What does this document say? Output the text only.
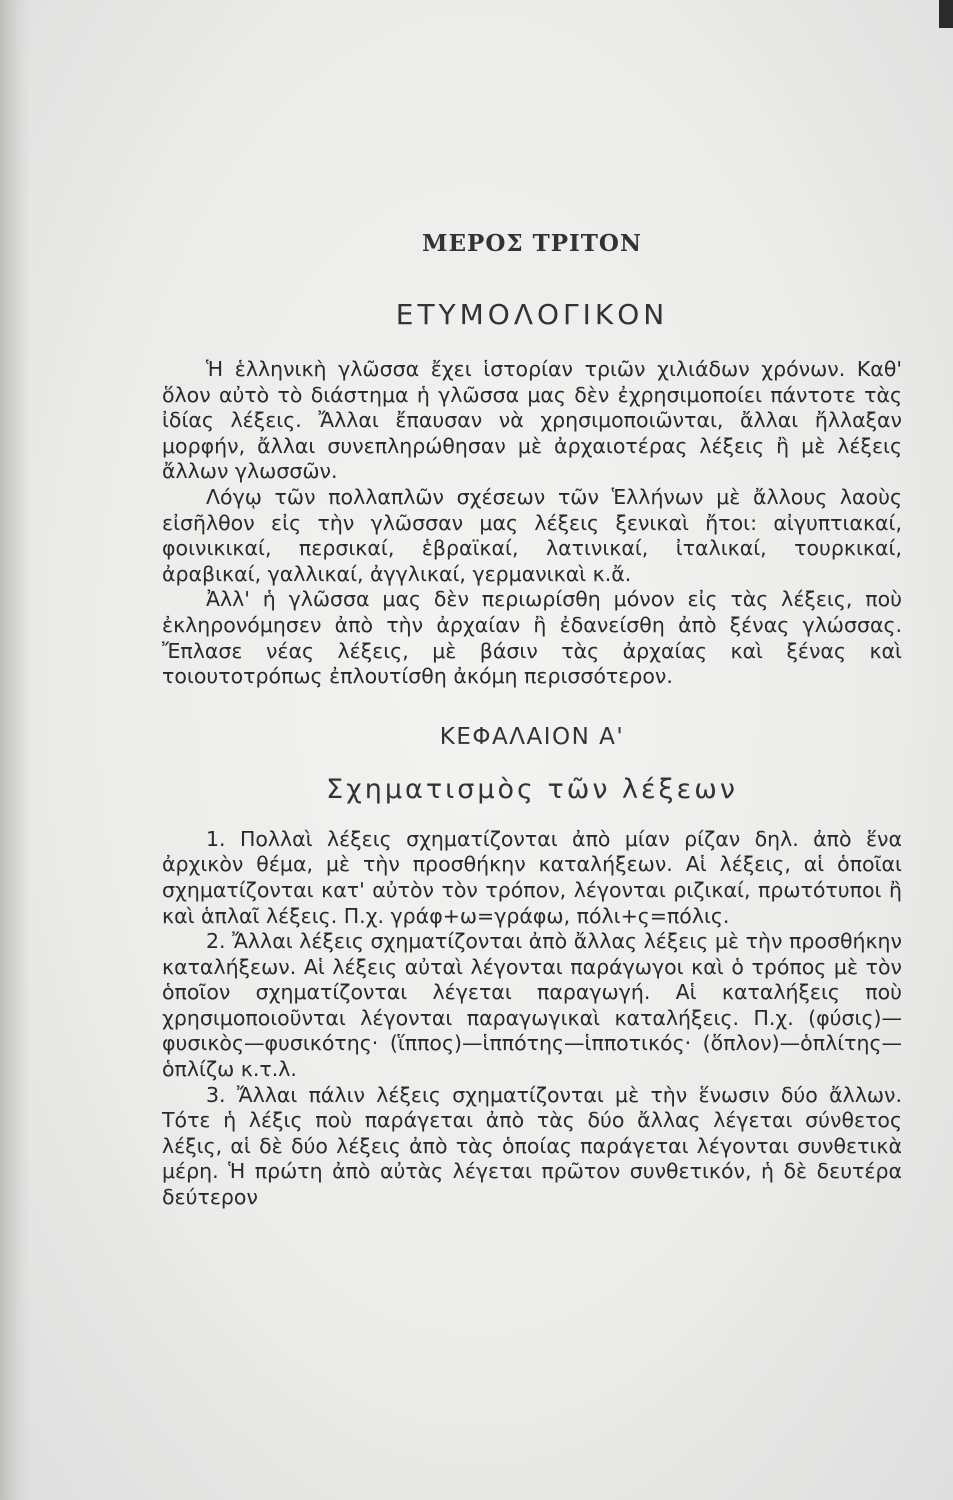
ΜΕΡΟΣ ΤΡΙΤΟΝ
ΕΤΥΜΟΛΟΓΙΚΟΝ

Ἡ ἑλληνικὴ γλῶσσα ἔχει ἱστορίαν τριῶν χιλιάδων χρόνων. Καθ' ὅλον αὐτὸ τὸ διάστημα ἡ γλῶσσα μας δὲν ἐχρησιμοποίει πάντοτε τὰς ἰδίας λέξεις. Ἄλλαι ἔπαυσαν νὰ χρησιμοποιῶνται, ἄλλαι ἤλλαξαν μορφήν, ἄλλαι συνεπληρώθησαν μὲ ἀρχαιοτέρας λέξεις ἢ μὲ λέξεις ἄλλων γλωσσῶν.

Λόγῳ τῶν πολλαπλῶν σχέσεων τῶν Ἑλλήνων μὲ ἄλλους λαοὺς εἰσῆλθον εἰς τὴν γλῶσσαν μας λέξεις ξενικαὶ ἤτοι: αἰγυπτιακαί, φοινικικαί, περσικαί, ἑβραϊκαί, λατινικαί, ἰταλικαί, τουρκικαί, ἀραβικαί, γαλλικαί, ἀγγλικαί, γερμανικαὶ κ.ἄ.

Ἀλλ' ἡ γλῶσσα μας δὲν περιωρίσθη μόνον εἰς τὰς λέξεις, ποὺ ἐκληρονόμησεν ἀπὸ τὴν ἀρχαίαν ἢ ἐδανείσθη ἀπὸ ξένας γλώσσας. Ἔπλασε νέας λέξεις, μὲ βάσιν τὰς ἀρχαίας καὶ ξένας καὶ τοιουτοτρόπως ἐπλουτίσθη ἀκόμη περισσότερον.

ΚΕΦΑΛΑΙΟΝ Α'
Σχηματισμὸς τῶν λέξεων

1. Πολλαὶ λέξεις σχηματίζονται ἀπὸ μίαν ρίζαν δηλ. ἀπὸ ἕνα ἀρχικὸν θέμα, μὲ τὴν προσθήκην καταλήξεων. Αἱ λέξεις, αἱ ὁποῖαι σχηματίζονται κατ' αὐτὸν τὸν τρόπον, λέγονται ριζικαί, πρωτότυποι ἢ καὶ ἁπλαῖ λέξεις. Π.χ. γράφ+ω=γράφω, πόλι+ς=πόλις.

2. Ἄλλαι λέξεις σχηματίζονται ἀπὸ ἄλλας λέξεις μὲ τὴν προσθήκην καταλήξεων. Αἱ λέξεις αὐταὶ λέγονται παράγωγοι καὶ ὁ τρόπος μὲ τὸν ὁποῖον σχηματίζονται λέγεται παραγωγή. Αἱ καταλήξεις ποὺ χρησιμοποιοῦνται λέγονται παραγωγικαὶ καταλήξεις. Π.χ. (φύσις)—φυσικὸς—φυσικότης· (ἵππος)—ἱππότης—ἱπποτικός· (ὅπλον)—ὁπλίτης— ὁπλίζω κ.τ.λ.

3. Ἄλλαι πάλιν λέξεις σχηματίζονται μὲ τὴν ἕνωσιν δύο ἄλλων. Τότε ἡ λέξις ποὺ παράγεται ἀπὸ τὰς δύο ἄλλας λέγεται σύνθετος λέξις, αἱ δὲ δύο λέξεις ἀπὸ τὰς ὁποίας παράγεται λέγονται συνθετικὰ μέρη. Ἡ πρώτη ἀπὸ αὐτὰς λέγεται πρῶτον συνθετικόν, ἡ δὲ δευτέρα δεύτερον
